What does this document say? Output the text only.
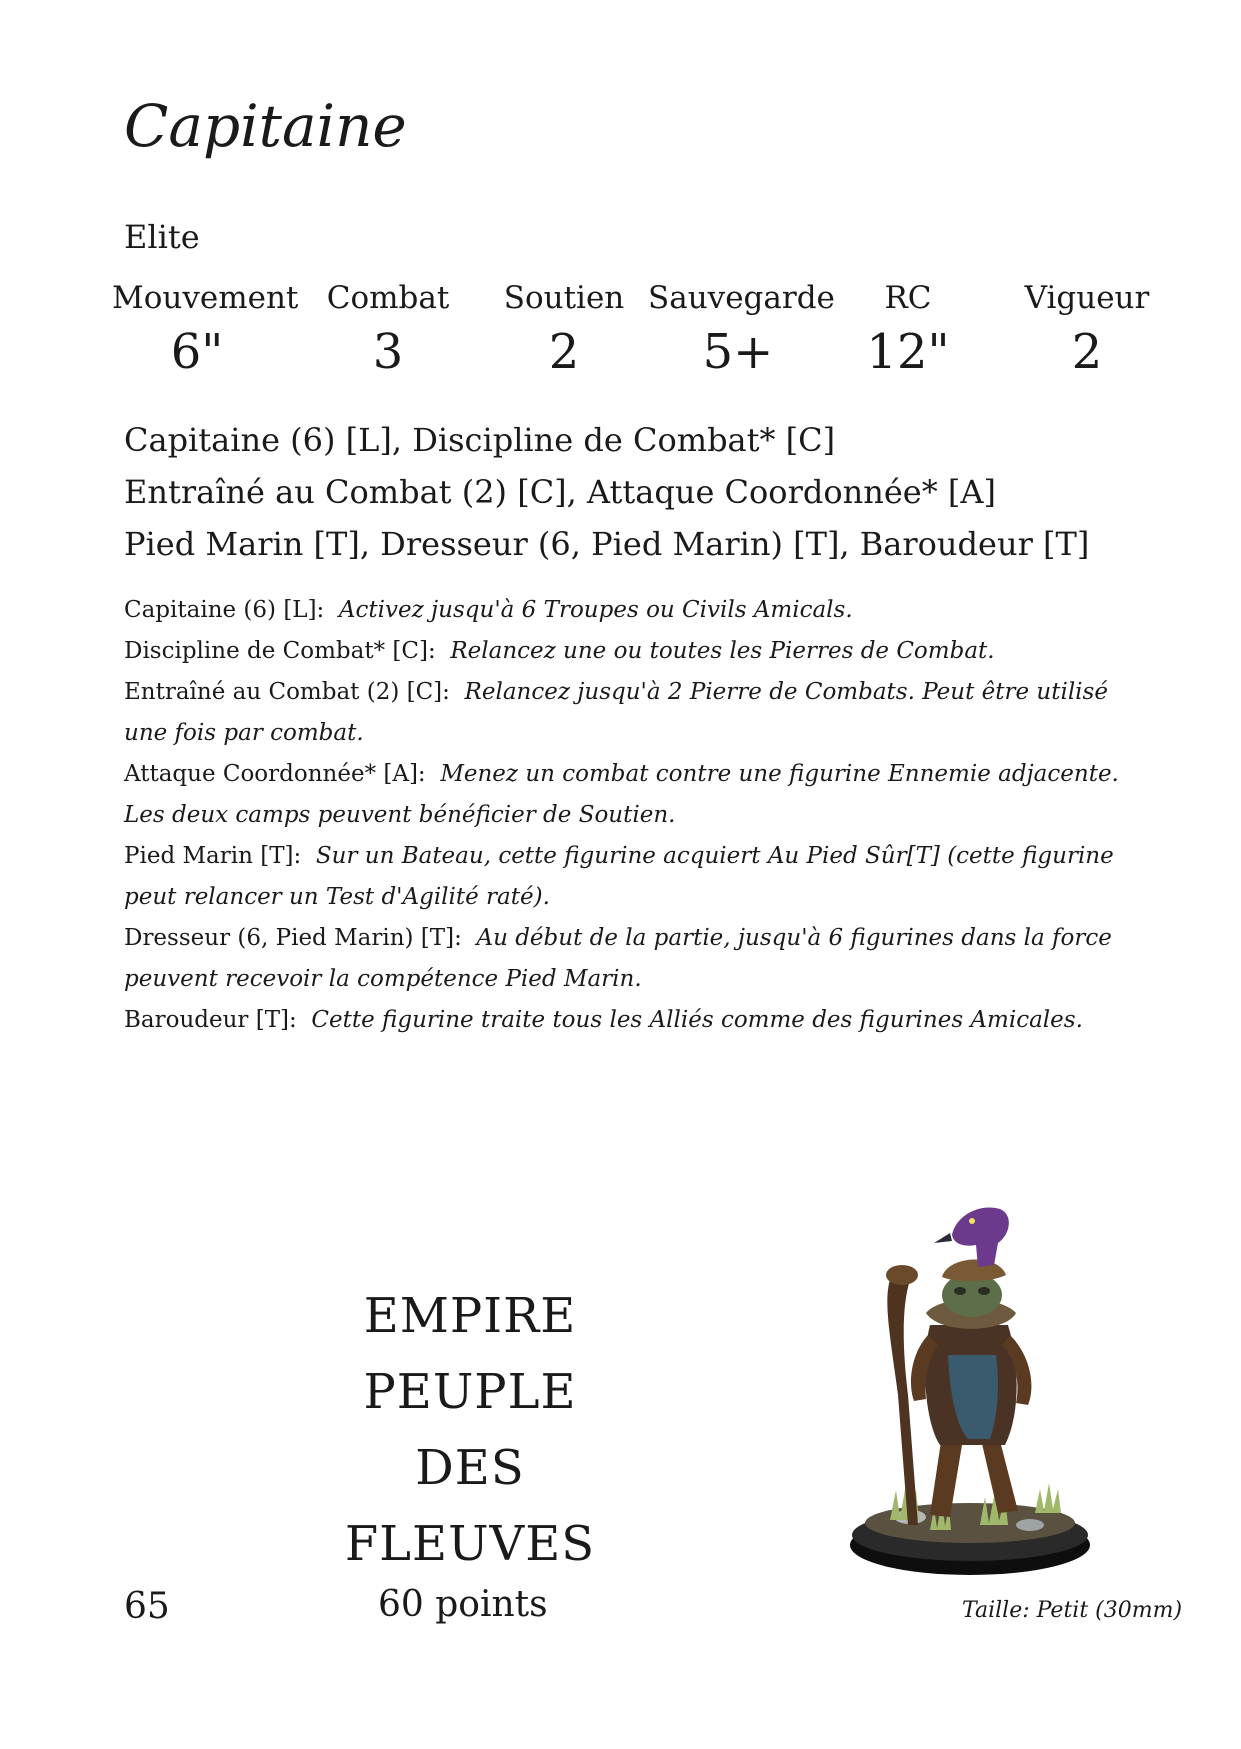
Capitaine
Elite
Mouvement
6"
Combat
3
Soutien
2
Sauvegarde
5+
RC
12"
Vigueur
2
Capitaine (6) [L], Discipline de Combat* [C]
Entraîné au Combat (2) [C], Attaque Coordonnée* [A]
Pied Marin [T], Dresseur (6, Pied Marin) [T], Baroudeur [T]
Capitaine (6) [L]: Activez jusqu'à 6 Troupes ou Civils Amicals.
Discipline de Combat* [C]: Relancez une ou toutes les Pierres de Combat.
Entraîné au Combat (2) [C]: Relancez jusqu'à 2 Pierre de Combats. Peut être utilisé une fois par combat.
Attaque Coordonnée* [A]: Menez un combat contre une figurine Ennemie adjacente. Les deux camps peuvent bénéficier de Soutien.
Pied Marin [T]: Sur un Bateau, cette figurine acquiert Au Pied Sûr[T] (cette figurine peut relancer un Test d'Agilité raté).
Dresseur (6, Pied Marin) [T]: Au début de la partie, jusqu'à 6 figurines dans la force peuvent recevoir la compétence Pied Marin.
Baroudeur [T]: Cette figurine traite tous les Alliés comme des figurines Amicales.
EMPIRE
PEUPLE
DES
FLEUVES
65	60 points	Taille: Petit (30mm)
